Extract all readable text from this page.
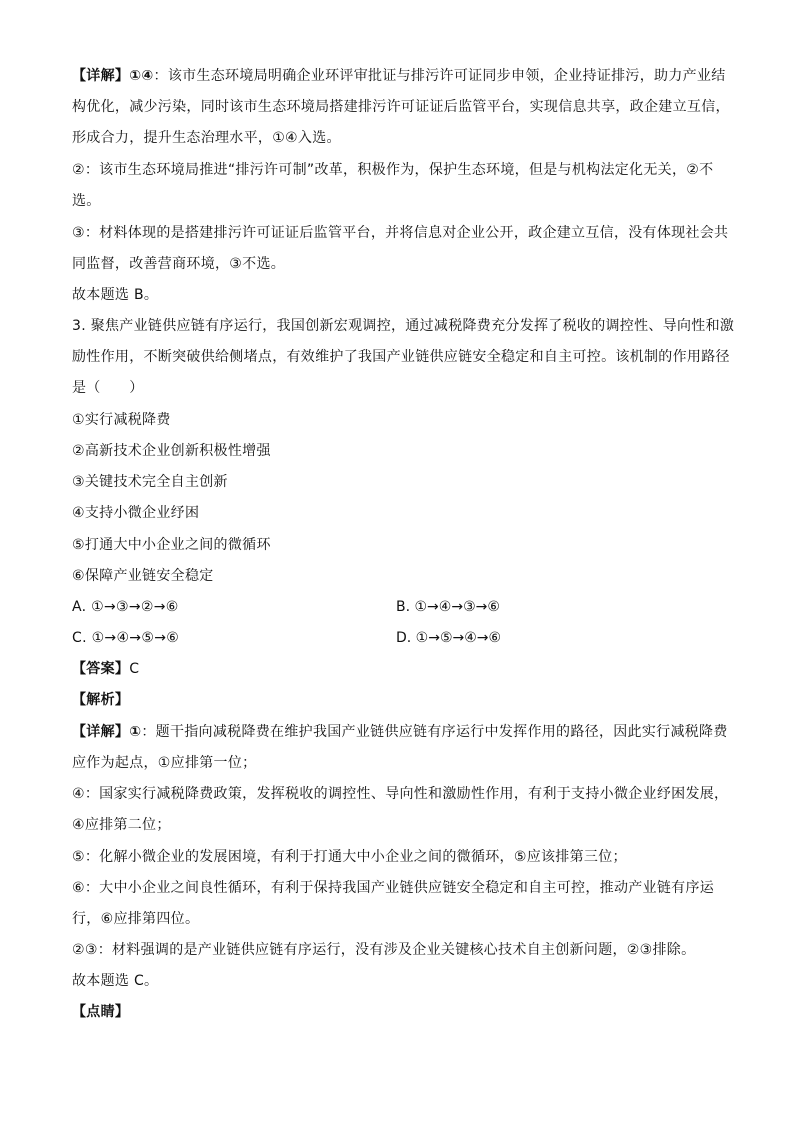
【详解】①④：该市生态环境局明确企业环评审批证与排污许可证同步申领，企业持证排污，助力产业结
构优化，减少污染，同时该市生态环境局搭建排污许可证证后监管平台，实现信息共享，政企建立互信，
形成合力，提升生态治理水平，①④入选。
②：该市生态环境局推进“排污许可制”改革，积极作为，保护生态环境，但是与机构法定化无关，②不
选。
③：材料体现的是搭建排污许可证证后监管平台，并将信息对企业公开，政企建立互信，没有体现社会共
同监督，改善营商环境，③不选。
故本题选 B。
3. 聚焦产业链供应链有序运行，我国创新宏观调控，通过减税降费充分发挥了税收的调控性、导向性和激
励性作用，不断突破供给侧堵点，有效维护了我国产业链供应链安全稳定和自主可控。该机制的作用路径
是（　　）
①实行减税降费
②高新技术企业创新积极性增强
③关键技术完全自主创新
④支持小微企业纾困
⑤打通大中小企业之间的微循环
⑥保障产业链安全稳定
A. ①→③→②→⑥	B. ①→④→③→⑥
C. ①→④→⑤→⑥	D. ①→⑤→④→⑥
【答案】C
【解析】
【详解】①：题干指向减税降费在维护我国产业链供应链有序运行中发挥作用的路径，因此实行减税降费
应作为起点，①应排第一位；
④：国家实行减税降费政策，发挥税收的调控性、导向性和激励性作用，有利于支持小微企业纾困发展，
④应排第二位；
⑤：化解小微企业的发展困境，有利于打通大中小企业之间的微循环，⑤应该排第三位；
⑥：大中小企业之间良性循环，有利于保持我国产业链供应链安全稳定和自主可控，推动产业链有序运
行，⑥应排第四位。
②③：材料强调的是产业链供应链有序运行，没有涉及企业关键核心技术自主创新问题，②③排除。
故本题选 C。
【点睛】
